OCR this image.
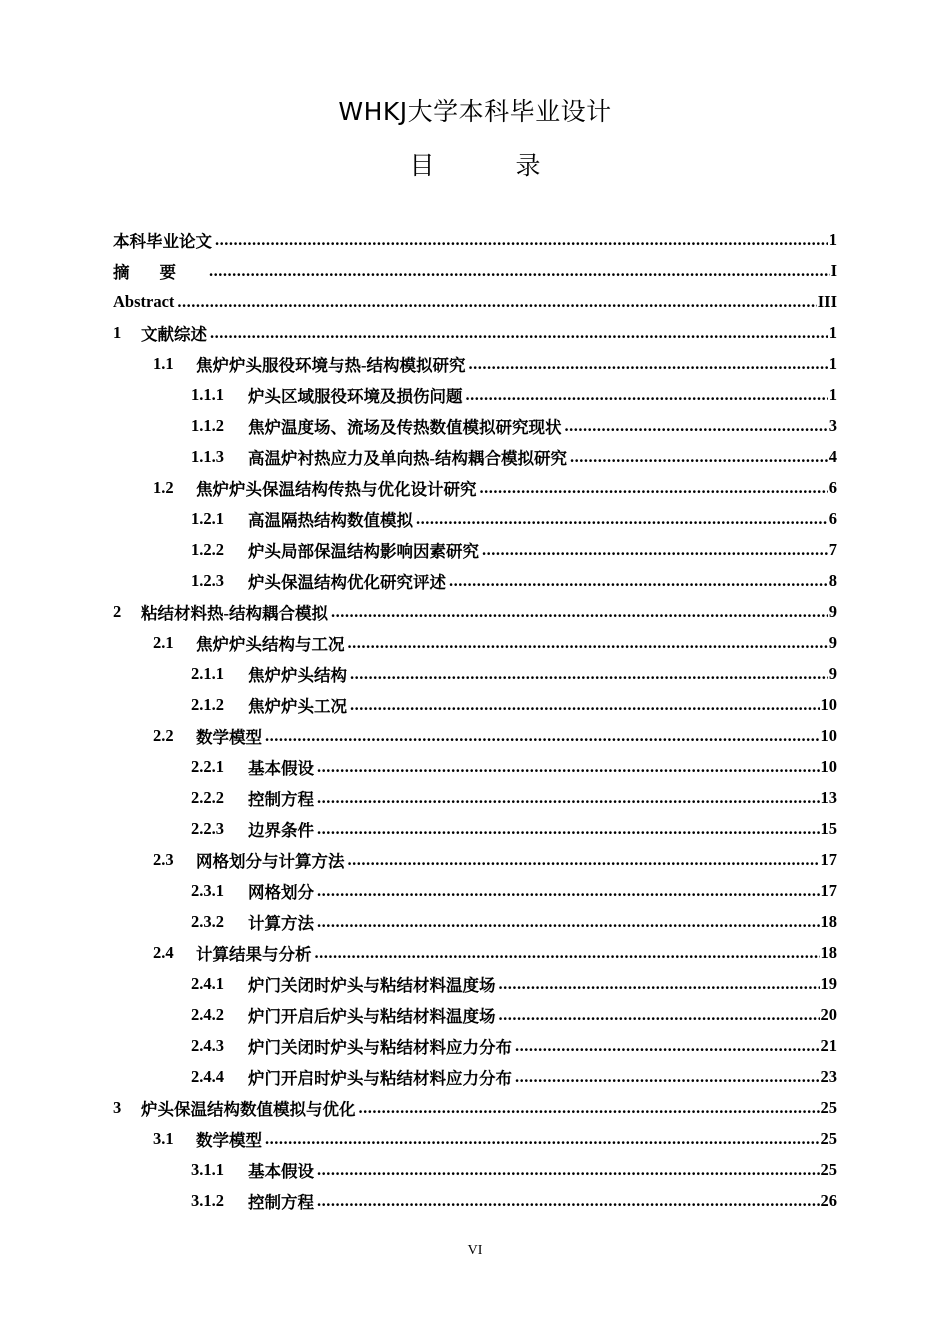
WHKJ大学本科毕业设计
目　录
本科毕业论文 .....	1
摘要 .....	I
Abstract .....	III
1	文献综述 .....	1
1.1	焦炉炉头服役环境与热-结构模拟研究 .....	1
1.1.1	炉头区域服役环境及损伤问题 .....	1
1.1.2	焦炉温度场、流场及传热数值模拟研究现状 .....	3
1.1.3	高温炉衬热应力及单向热-结构耦合模拟研究 .....	4
1.2	焦炉炉头保温结构传热与优化设计研究 .....	6
1.2.1	高温隔热结构数值模拟 .....	6
1.2.2	炉头局部保温结构影响因素研究 .....	7
1.2.3	炉头保温结构优化研究评述 .....	8
2	粘结材料热-结构耦合模拟 .....	9
2.1	焦炉炉头结构与工况 .....	9
2.1.1	焦炉炉头结构 .....	9
2.1.2	焦炉炉头工况 .....	10
2.2	数学模型 .....	10
2.2.1	基本假设 .....	10
2.2.2	控制方程 .....	13
2.2.3	边界条件 .....	15
2.3	网格划分与计算方法 .....	17
2.3.1	网格划分 .....	17
2.3.2	计算方法 .....	18
2.4	计算结果与分析 .....	18
2.4.1	炉门关闭时炉头与粘结材料温度场 .....	19
2.4.2	炉门开启后炉头与粘结材料温度场 .....	20
2.4.3	炉门关闭时炉头与粘结材料应力分布 .....	21
2.4.4	炉门开启时炉头与粘结材料应力分布 .....	23
3	炉头保温结构数值模拟与优化 .....	25
3.1	数学模型 .....	25
3.1.1	基本假设 .....	25
3.1.2	控制方程 .....	26
VI
